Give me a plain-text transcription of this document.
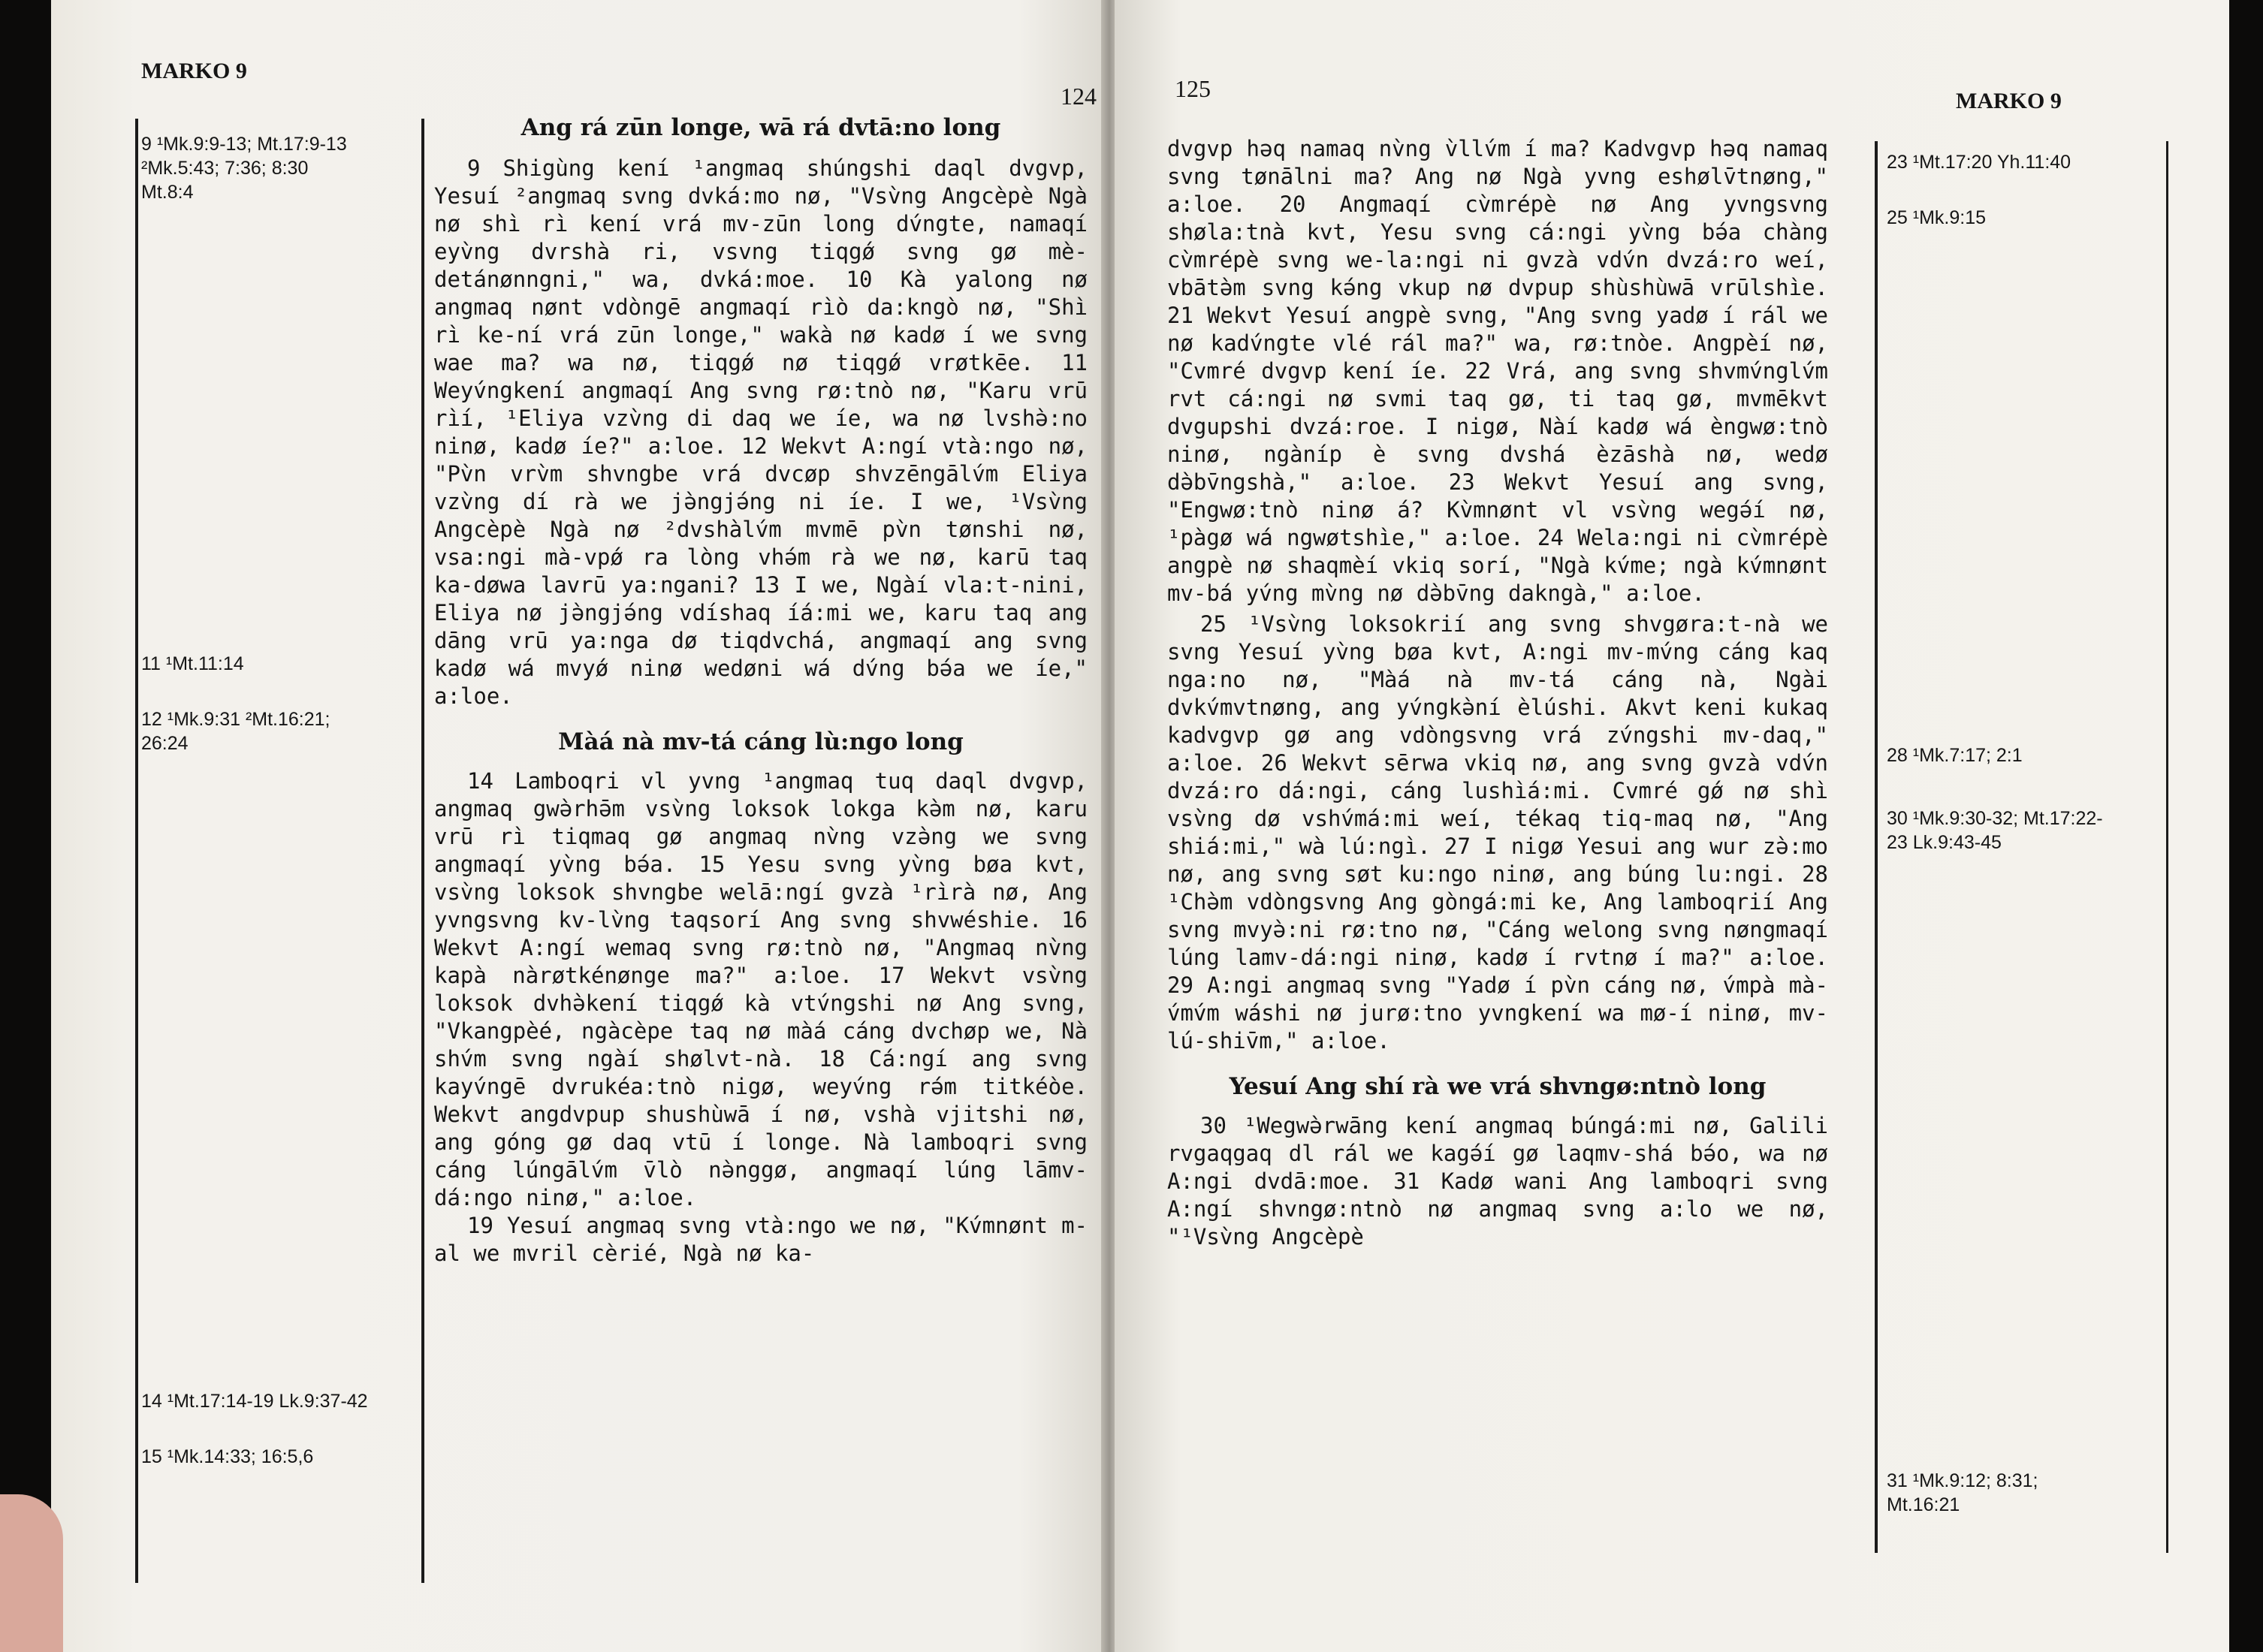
MARKO 9
124
9 ¹Mk.9:9-13; Mt.17:9-13
²Mk.5:43; 7:36; 8:30
Mt.8:4
11 ¹Mt.11:14
12 ¹Mk.9:31 ²Mt.16:21;
26:24
14 ¹Mt.17:14-19 Lk.9:37-42
15 ¹Mk.14:33; 16:5,6
Ang rá zūn longe, wā rá dvtā:no long

9 Shigùng kení ¹angmaq shúngshi daql dvgvp, Yesuí ²angmaq svng dvká:mo nø, "Vsv̀ng Angcèpè Ngà nø shì rì kení vrá mv-zūn long dv́ngte, namaqí eyv̀ng dvrshà ri, vsvng tiqgǿ svng gø mè-detánønngni," wa, dvká:moe. 10 Kà yalong nø angmaq nønt vdòngē angmaqí rìò da:kngò nø, "Shì rì ke-ní vrá zūn longe," wakà nø kadø í we svng wae ma? wa nø, tiqgǿ nø tiqgǿ vrøtkēe. 11 Weyv́ngkení angmaqí Ang svng rø:tnò nø, "Karu vrū rìí, ¹Eliya vzv̀ng di daq we íe, wa nø lvshə̀:no ninø, kadø íe?" a:loe. 12 Wekvt A:ngí vtà:ngo nø, "Pv̀n vrv̀m shvngbe vrá dvcøp shvzēngālv́m Eliya vzv̀ng dí rà we jə̀ngjə́ng ni íe. I we, ¹Vsv̀ng Angcèpè Ngà nø ²dvshàlv́m mvmē pv̀n tønshi nø, vsa:ngi mà-vpǿ ra lòng vhə́m rà we nø, karū taq ka-døwa lavrū ya:ngani? 13 I we, Ngàí vla:t-nini, Eliya nø jə̀ngjə́ng vdíshaq íá:mi we, karu taq ang dāng vrū ya:nga dø tiqdvchá, angmaqí ang svng kadø wá mvyǿ ninø wedøni wá dv́ng bə́a we íe," a:loe.

Màá nà mv-tá cáng lù:ngo long

14 Lamboqri vl yvng ¹angmaq tuq daql dvgvp, angmaq gwə̀rhə̄m vsv̀ng loksok lokga kə̀m nø, karu vrū rì tiqmaq gø angmaq nv̀ng vzə̀ng we svng angmaqí yv̀ng bə́a. 15 Yesu svng yv̀ng bøa kvt, vsv̀ng loksok shvngbe welā:ngí gvzà ¹rìrà nø, Ang yvngsvng kv-lv̀ng taqsorí Ang svng shvwéshie. 16 Wekvt A:ngí wemaq svng rø:tnò nø, "Angmaq nv̀ng kapà nàrøtkénønge ma?" a:loe. 17 Wekvt vsv̀ng loksok dvhə̀kení tiqgǿ kà vtv́ngshi nø Ang svng, "Vkangpèé, ngàcèpe taq nø màá cáng dvchøp we, Nà shv́m svng ngàí shølvt-nà. 18 Cá:ngí ang svng kayv́ngē dvrukéa:tnò nigø, weyv́ng rə́m titkéòe. Wekvt angdvpup shushùwā í nø, vshà vjitshi nø, ang góng gø daq vtū í longe. Nà lamboqri svng cáng lúngālv́m v̄lò nə̀nggø, angmaqí lúng lāmv-dá:ngo ninø," a:loe.

19 Yesuí angmaq svng vtà:ngo we nø, "Kv́mnønt m-al we mvril cèrié, Ngà nø ka-

125	MARKO 9

dvgvp həq namaq nv̀ng v̀llv́m í ma? Kadvgvp həq namaq svng tønālni ma? Ang nø Ngà yvng eshølv̄tnøng," a:loe. 20 Angmaqí cv̀mrépè nø Ang yvngsvng shøla:tnà kvt, Yesu svng cá:ngi yv̀ng bə́a chàng cv̀mrépè svng we-la:ngi ni gvzà vdv́n dvzá:ro weí, vbātə̀m svng kə́ng vkup nø dvpup shùshùwā vrūlshìe. 21 Wekvt Yesuí angpè svng, "Ang svng yadø í rál we nø kadv́ngte vlé rál ma?" wa, rø:tnòe. Angpèí nø, "Cvmré dvgvp kení íe. 22 Vrá, ang svng shvmv́nglv́m rvt cá:ngi nø svmi taq gø, ti taq gø, mvmēkvt dvgupshi dvzá:roe. I nigø, Nàí kadø wá èngwø:tnò ninø, ngàníp è svng dvshá èzāshà nø, wedø də̀bv̄ngshà," a:loe. 23 Wekvt Yesuí ang svng, "Engwø:tnò ninø á? Kv̀mnønt vl vsv̀ng wegə́í nø, ¹pàgø wá ngwøtshìe," a:loe. 24 Wela:ngi ni cv̀mrépè angpè nø shaqmèí vkiq sorí, "Ngà kv́me; ngà kv́mnønt mv-bá yv́ng mv̀ng nø də̀bv̄ng dakngà," a:loe.

25 ¹Vsv̀ng loksokrií ang svng shvgøra:t-nà we svng Yesuí yv̀ng bøa kvt, A:ngi mv-mv́ng cáng kaq nga:no nø, "Màá nà mv-tá cáng nà, Ngài dvkv́mvtnøng, ang yv́ngkə̀ní èlúshi. Akvt keni kukaq kadvgvp gø ang vdòngsvng vrá zv́ngshi mv-daq," a:loe. 26 Wekvt sērwa vkiq nø, ang svng gvzà vdv́n dvzá:ro dá:ngi, cáng lushìá:mi. Cvmré gǿ nø shì vsv̀ng dø vshv́má:mi weí, tékaq tiq-maq nø, "Ang shiá:mi," wà lú:ngì. 27 I nigø Yesui ang wur zə̀:mo nø, ang svng søt ku:ngo ninø, ang búng lu:ngi. 28 ¹Chə̀m vdòngsvng Ang gòngá:mi ke, Ang lamboqrií Ang svng mvyə̀:ni rø:tno nø, "Cáng welong svng nøngmaqí lúng lamv-dá:ngi ninø, kadø í rvtnø í ma?" a:loe. 29 A:ngi angmaq svng "Yadø í pv̀n cáng nø, v́mpà mà-v́mv́m wáshi nø jurø:tno yvngkení wa mø-í ninø, mv-lú-shiv̄m," a:loe.

Yesuí Ang shí rà we vrá shvngø:ntnò long

30 ¹Wegwə̀rwāng kení angmaq búngá:mi nø, Galili rvgaqgaq dl rál we kagə́í gø laqmv-shá bə́o, wa nø A:ngi dvdā:moe. 31 Kadø wani Ang lamboqri svng A:ngí shvngø:ntnò nø angmaq svng a:lo we nø, "¹Vsv̀ng Angcèpè

23 ¹Mt.17:20 Yh.11:40
25 ¹Mk.9:15
28 ¹Mk.7:17; 2:1
30 ¹Mk.9:30-32; Mt.17:22-
23 Lk.9:43-45
31 ¹Mk.9:12; 8:31;
Mt.16:21
